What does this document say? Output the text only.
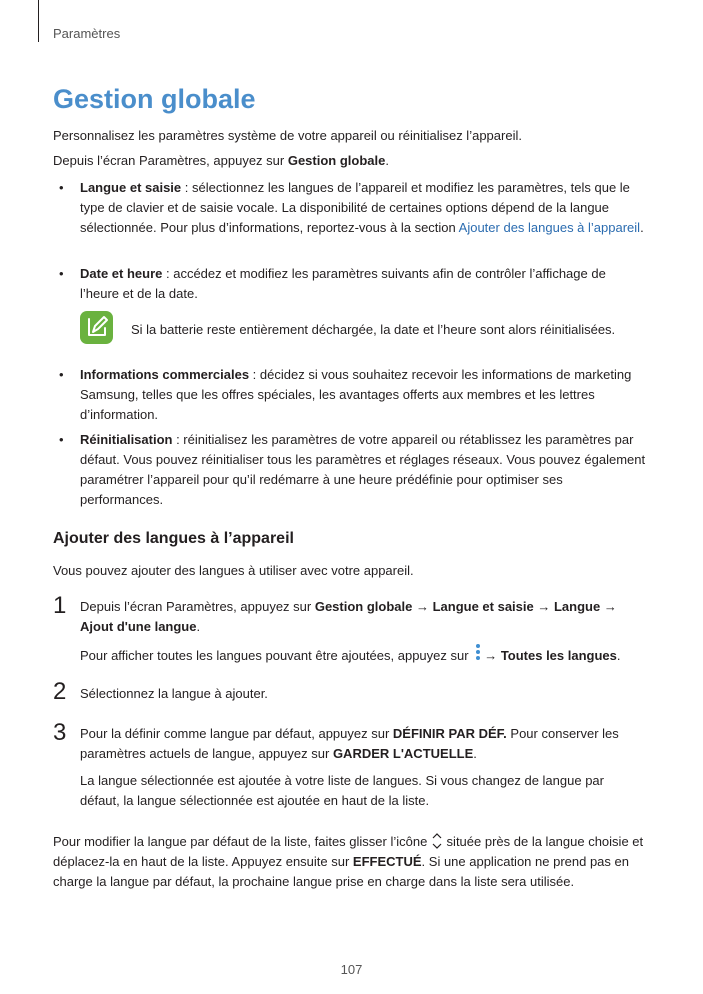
Paramètres
Gestion globale
Personnalisez les paramètres système de votre appareil ou réinitialisez l’appareil.
Depuis l’écran Paramètres, appuyez sur Gestion globale.
• Langue et saisie : sélectionnez les langues de l’appareil et modifiez les paramètres, tels que le type de clavier et de saisie vocale. La disponibilité de certaines options dépend de la langue sélectionnée. Pour plus d’informations, reportez-vous à la section Ajouter des langues à l’appareil.
• Date et heure : accédez et modifiez les paramètres suivants afin de contrôler l’affichage de l’heure et de la date.
Si la batterie reste entièrement déchargée, la date et l’heure sont alors réinitialisées.
• Informations commerciales : décidez si vous souhaitez recevoir les informations de marketing Samsung, telles que les offres spéciales, les avantages offerts aux membres et les lettres d’information.
• Réinitialisation : réinitialisez les paramètres de votre appareil ou rétablissez les paramètres par défaut. Vous pouvez réinitialiser tous les paramètres et réglages réseaux. Vous pouvez également paramétrer l’appareil pour qu’il redémarre à une heure prédéfinie pour optimiser ses performances.
Ajouter des langues à l’appareil
Vous pouvez ajouter des langues à utiliser avec votre appareil.
1 Depuis l’écran Paramètres, appuyez sur Gestion globale → Langue et saisie → Langue → Ajout d'une langue.
Pour afficher toutes les langues pouvant être ajoutées, appuyez sur
→ Toutes les langues.
2 Sélectionnez la langue à ajouter.
3 Pour la définir comme langue par défaut, appuyez sur DÉFINIR PAR DÉF. Pour conserver les paramètres actuels de langue, appuyez sur GARDER L'ACTUELLE.
La langue sélectionnée est ajoutée à votre liste de langues. Si vous changez de langue par défaut, la langue sélectionnée est ajoutée en haut de la liste.
Pour modifier la langue par défaut de la liste, faites glisser l’icône  située près de la langue choisie et déplacez-la en haut de la liste. Appuyez ensuite sur EFFECTUÉ. Si une application ne prend pas en charge la langue par défaut, la prochaine langue prise en charge dans la liste sera utilisée.
107
